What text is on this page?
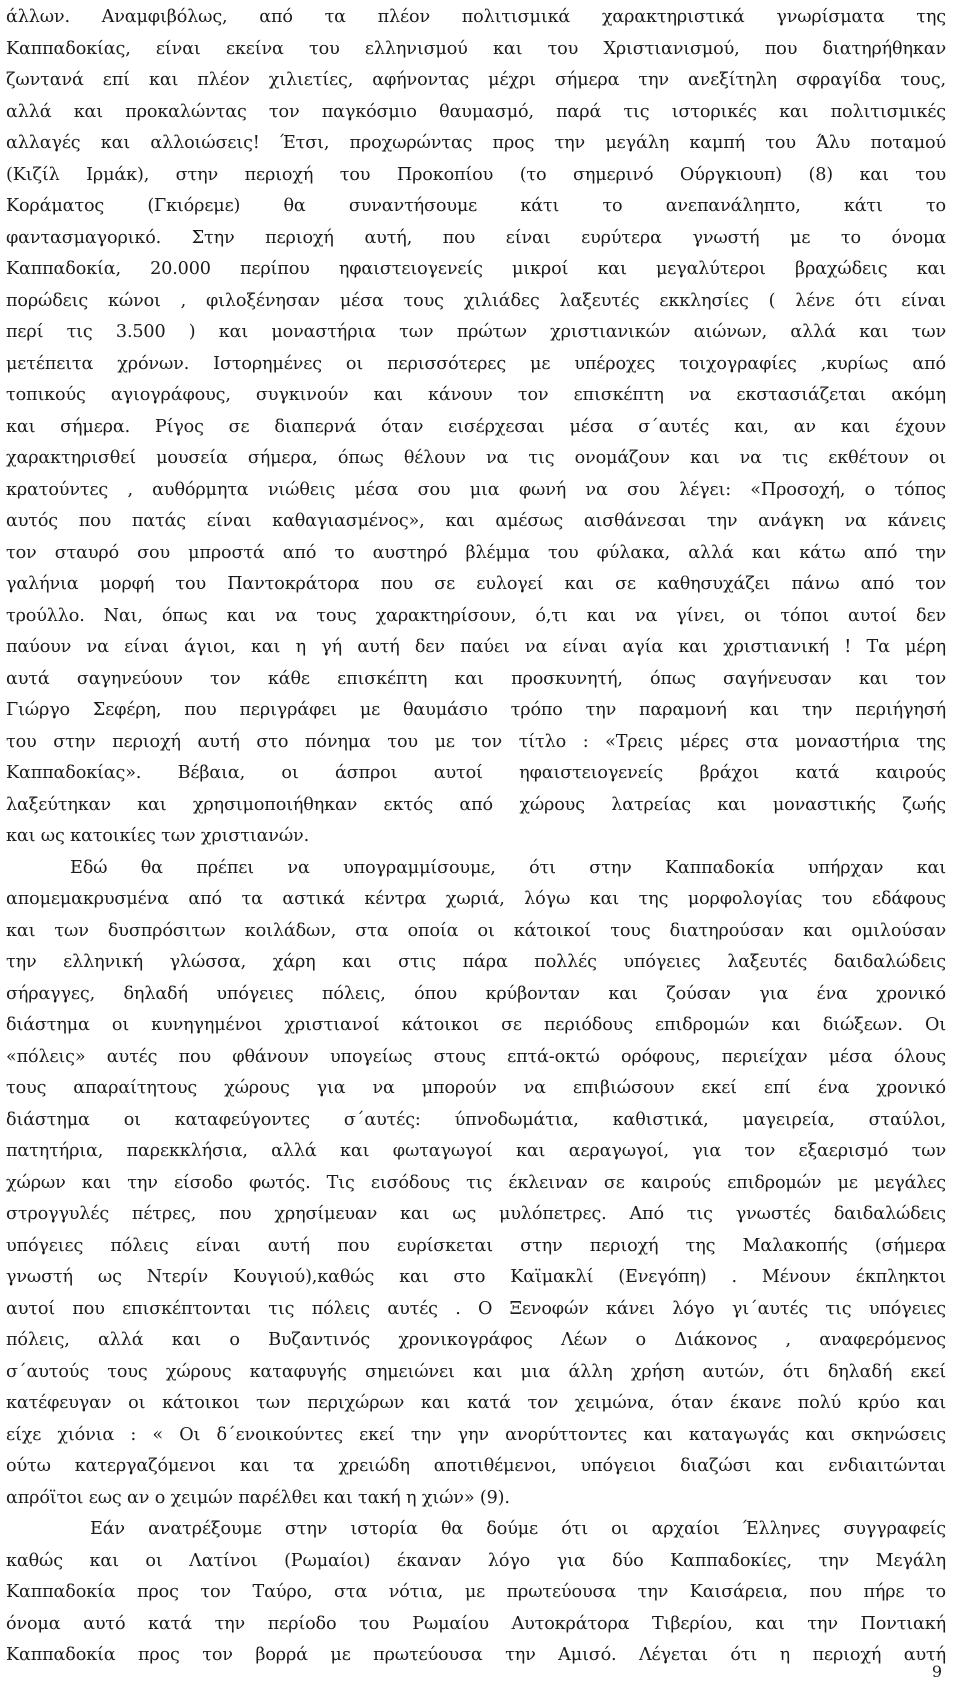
άλλων. Αναμφιβόλως, από τα πλέον πολιτισμικά χαρακτηριστικά γνωρίσματα της
Καππαδοκίας, είναι εκείνα του ελληνισμού και του Χριστιανισμού, που διατηρήθηκαν
ζωντανά επί και πλέον χιλιετίες, αφήνοντας μέχρι σήμερα την ανεξίτηλη σφραγίδα τους,
αλλά και προκαλώντας τον παγκόσμιο θαυμασμό, παρά τις ιστορικές και πολιτισμικές
αλλαγές και αλλοιώσεις! Έτσι, προχωρώντας προς την μεγάλη καμπή του Άλυ ποταμού
(Κιζίλ Ιρμάκ), στην περιοχή του Προκοπίου (το σημερινό Ούργκιουπ) (8) και του
Κοράματος (Γκιόρεμε) θα συναντήσουμε κάτι το ανεπανάληπτο, κάτι το
φαντασμαγορικό. Στην περιοχή αυτή, που είναι ευρύτερα γνωστή με το όνομα
Καππαδοκία, 20.000 περίπου ηφαιστειογενείς μικροί και μεγαλύτεροι βραχώδεις και
πορώδεις κώνοι , φιλοξένησαν μέσα τους χιλιάδες λαξευτές εκκλησίες ( λένε ότι είναι
περί τις 3.500 ) και μοναστήρια των πρώτων χριστιανικών αιώνων, αλλά και των
μετέπειτα χρόνων. Ιστορημένες οι περισσότερες με υπέροχες τοιχογραφίες ,κυρίως από
τοπικούς αγιογράφους, συγκινούν και κάνουν τον επισκέπτη να εκστασιάζεται ακόμη
και σήμερα. Ρίγος σε διαπερνά όταν εισέρχεσαι μέσα σ΄αυτές και, αν και έχουν
χαρακτηρισθεί μουσεία σήμερα, όπως θέλουν να τις ονομάζουν και να τις εκθέτουν οι
κρατούντες , αυθόρμητα νιώθεις μέσα σου μια φωνή να σου λέγει: «Προσοχή, ο τόπος
αυτός που πατάς είναι καθαγιασμένος», και αμέσως αισθάνεσαι την ανάγκη να κάνεις
τον σταυρό σου μπροστά από το αυστηρό βλέμμα του φύλακα, αλλά και κάτω από την
γαλήνια μορφή του Παντοκράτορα που σε ευλογεί και σε καθησυχάζει πάνω από τον
τρούλλο. Ναι, όπως και να τους χαρακτηρίσουν, ό,τι και να γίνει, οι τόποι αυτοί δεν
παύουν να είναι άγιοι, και η γή αυτή δεν παύει να είναι αγία και χριστιανική ! Τα μέρη
αυτά σαγηνεύουν τον κάθε επισκέπτη και προσκυνητή, όπως σαγήνευσαν και τον
Γιώργο Σεφέρη, που περιγράφει με θαυμάσιο τρόπο την παραμονή και την περιήγησή
του στην περιοχή αυτή στο πόνημα του με τον τίτλο : «Τρεις μέρες στα μοναστήρια της
Καππαδοκίας». Βέβαια, οι άσπροι αυτοί ηφαιστειογενείς βράχοι κατά καιρούς
λαξεύτηκαν και χρησιμοποιήθηκαν εκτός από χώρους λατρείας και μοναστικής ζωής
και ως κατοικίες των χριστιανών.
Εδώ θα πρέπει να υπογραμμίσουμε, ότι στην Καππαδοκία υπήρχαν και
απομεμακρυσμένα από τα αστικά κέντρα χωριά, λόγω και της μορφολογίας του εδάφους
και των δυσπρόσιτων κοιλάδων, στα οποία οι κάτοικοί τους διατηρούσαν και ομιλούσαν
την ελληνική γλώσσα, χάρη και στις πάρα πολλές υπόγειες λαξευτές δαιδαλώδεις
σήραγγες, δηλαδή υπόγειες πόλεις, όπου κρύβονταν και ζούσαν για ένα χρονικό
διάστημα οι κυνηγημένοι χριστιανοί κάτοικοι σε περιόδους επιδρομών και διώξεων. Οι
«πόλεις» αυτές που φθάνουν υπογείως στους επτά-οκτώ ορόφους, περιείχαν μέσα όλους
τους απαραίτητους χώρους για να μπορούν να επιβιώσουν εκεί επί ένα χρονικό
διάστημα οι καταφεύγοντες σ΄αυτές: ύπνοδωμάτια, καθιστικά, μαγειρεία, σταύλοι,
πατητήρια, παρεκκλήσια, αλλά και φωταγωγοί και αεραγωγοί, για τον εξαερισμό των
χώρων και την είσοδο φωτός. Τις εισόδους τις έκλειναν σε καιρούς επιδρομών με μεγάλες
στρογγυλές πέτρες, που χρησίμευαν και ως μυλόπετρες. Από τις γνωστές δαιδαλώδεις
υπόγειες πόλεις είναι αυτή που ευρίσκεται στην περιοχή της Μαλακοπής (σήμερα
γνωστή ως Ντερίν Κουγιού),καθώς και στο Καϊμακλί (Ενεγόπη) . Μένουν έκπληκτοι
αυτοί που επισκέπτονται τις πόλεις αυτές . Ο Ξενοφών κάνει λόγο γι΄αυτές τις υπόγειες
πόλεις, αλλά και ο Βυζαντινός χρονικογράφος Λέων ο Διάκονος , αναφερόμενος
σ΄αυτούς τους χώρους καταφυγής σημειώνει και μια άλλη χρήση αυτών, ότι δηλαδή εκεί
κατέφευγαν οι κάτοικοι των περιχώρων και κατά τον χειμώνα, όταν έκανε πολύ κρύο και
είχε χιόνια : « Οι δ΄ενοικούντες εκεί την γην ανορύττοντες και καταγωγάς και σκηνώσεις
ούτω κατεργαζόμενοι και τα χρειώδη αποτιθέμενοι, υπόγειοι διαζώσι και ενδιαιτώνται
απρόϊτοι εως αν ο χειμών παρέλθει και τακή η χιών» (9).
Εάν ανατρέξουμε στην ιστορία θα δούμε ότι οι αρχαίοι Έλληνες συγγραφείς
καθώς και οι Λατίνοι (Ρωμαίοι) έκαναν λόγο για δύο Καππαδοκίες, την Μεγάλη
Καππαδοκία προς τον Ταύρο, στα νότια, με πρωτεύουσα την Καισάρεια, που πήρε το
όνομα αυτό κατά την περίοδο του Ρωμαίου Αυτοκράτορα Τιβερίου, και την Ποντιακή
Καππαδοκία προς τον βορρά με πρωτεύουσα την Αμισό. Λέγεται ότι η περιοχή αυτή
9
